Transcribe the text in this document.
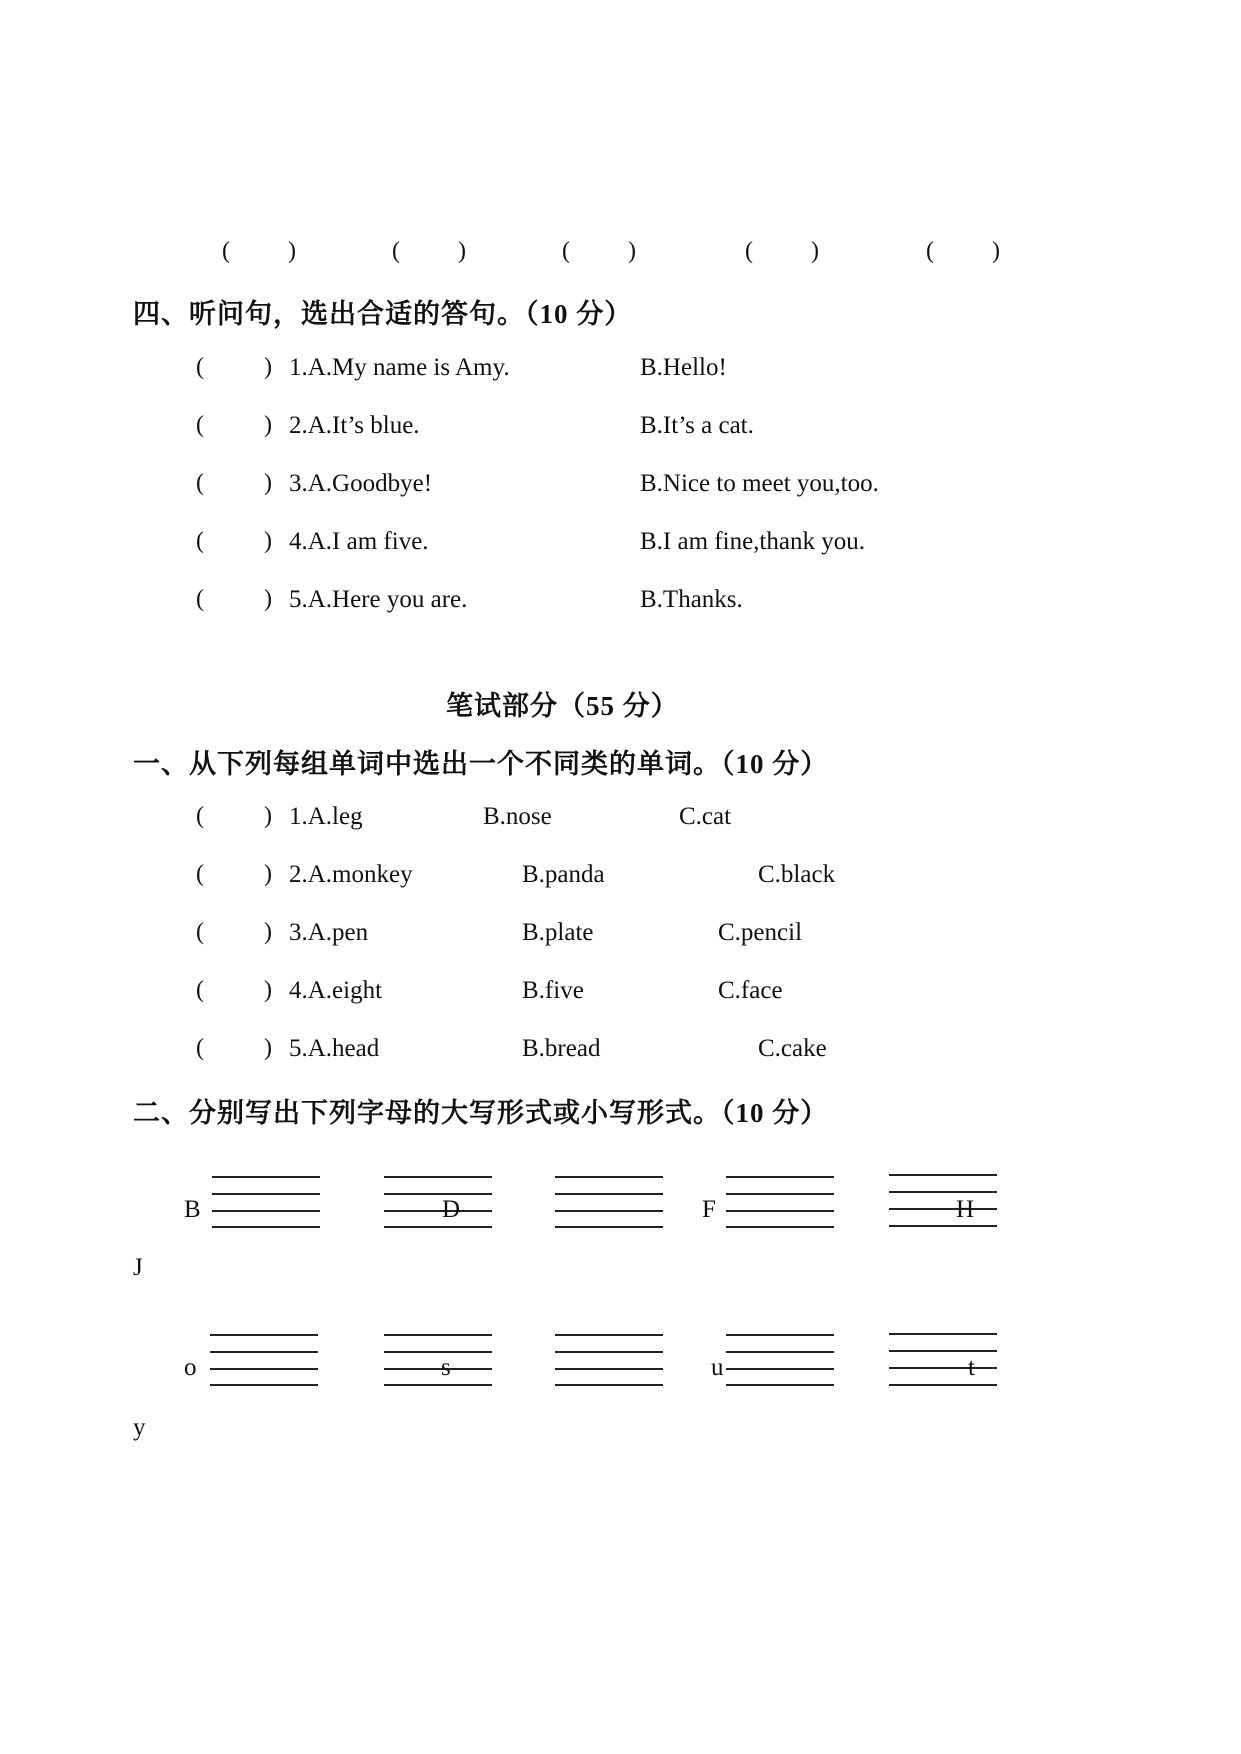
( )	( )	( )	( )	( )
四、听问句，选出合适的答句。（10 分）
(	) 1.A.My name is Amy.	B.Hello!
(	) 2.A.It’s blue.	B.It’s a cat.
(	) 3.A.Goodbye!	B.Nice to meet you,too.
(	) 4.A.I am five.	B.I am fine,thank you.
(	) 5.A.Here you are.	B.Thanks.
笔试部分（55 分）
一、从下列每组单词中选出一个不同类的单词。（10 分）
(	) 1.A.leg	B.nose	C.cat
(	) 2.A.monkey	B.panda	C.black
(	) 3.A.pen	B.plate	C.pencil
(	) 4.A.eight	B.five	C.face
(	) 5.A.head	B.bread	C.cake
二、分别写出下列字母的大写形式或小写形式。（10 分）
B	D	F	H
J
o	s	u	t
y
